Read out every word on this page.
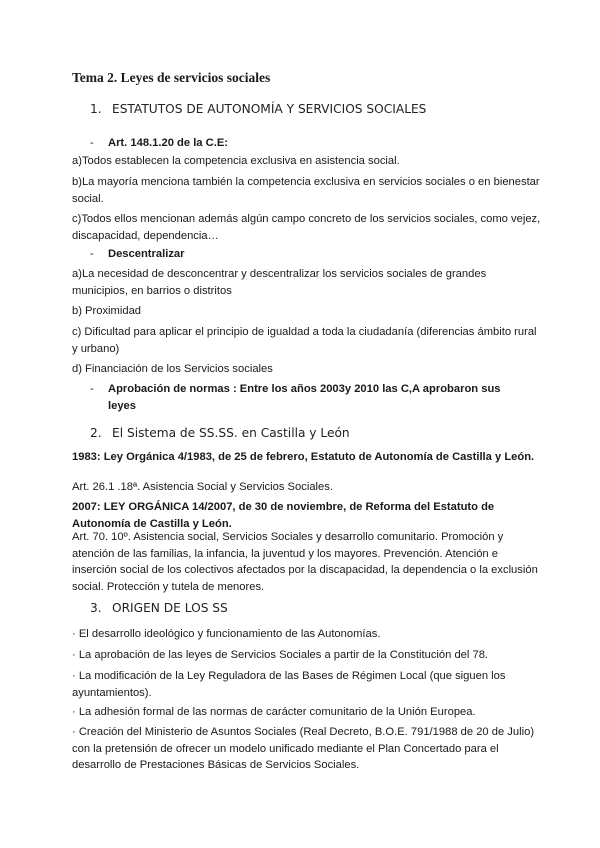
Tema 2. Leyes de servicios sociales
1. ESTATUTOS DE AUTONOMÍA Y SERVICIOS SOCIALES
- Art. 148.1.20 de la C.E:

a)Todos establecen la competencia exclusiva en asistencia social.

b)La mayoría menciona también la competencia exclusiva en servicios sociales o en bienestar social.

c)Todos ellos mencionan además algún campo concreto de los servicios sociales, como vejez, discapacidad, dependencia…

- Descentralizar

a)La necesidad de desconcentrar y descentralizar los servicios sociales de grandes municipios, en barrios o distritos

b) Proximidad

c) Dificultad para aplicar el principio de igualdad a toda la ciudadanía (diferencias ámbito rural y urbano)

d) Financiación de los Servicios sociales

- Aprobación de normas : Entre los años 2003y 2010 las C,A aprobaron sus leyes
2. El Sistema de SS.SS. en Castilla y León
1983: Ley Orgánica 4/1983, de 25 de febrero, Estatuto de Autonomía de Castilla y León.

Art. 26.1 .18ª. Asistencia Social y Servicios Sociales.

2007: LEY ORGÁNICA 14/2007, de 30 de noviembre, de Reforma del Estatuto de Autonomía de Castilla y León.

Art. 70. 10º. Asistencia social, Servicios Sociales y desarrollo comunitario. Promoción y atención de las familias, la infancia, la juventud y los mayores. Prevención. Atención e inserción social de los colectivos afectados por la discapacidad, la dependencia o la exclusión social. Protección y tutela de menores.

3. ORIGEN DE LOS SS

· El desarrollo ideológico y funcionamiento de las Autonomías.

· La aprobación de las leyes de Servicios Sociales a partir de la Constitución del 78.

· La modificación de la Ley Reguladora de las Bases de Régimen Local (que siguen los ayuntamientos).

· La adhesión formal de las normas de carácter comunitario de la Unión Europea.

· Creación del Ministerio de Asuntos Sociales (Real Decreto, B.O.E. 791/1988 de 20 de Julio) con la pretensión de ofrecer un modelo unificado mediante el Plan Concertado para el desarrollo de Prestaciones Básicas de Servicios Sociales.
